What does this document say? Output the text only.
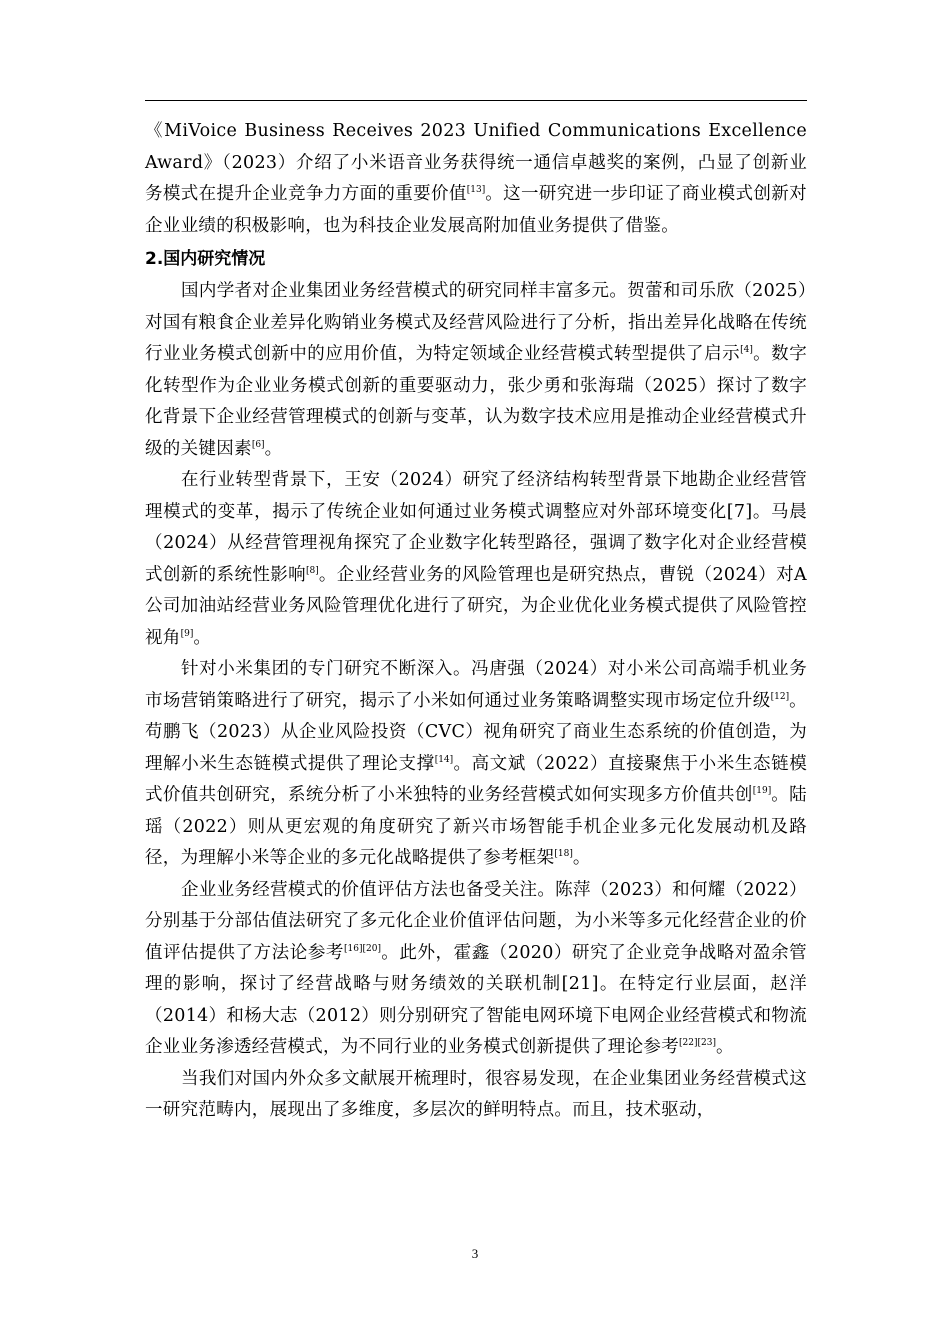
《MiVoice Business Receives 2023 Unified Communications Excellence Award》（2023）介绍了小米语音业务获得统一通信卓越奖的案例，凸显了创新业务模式在提升企业竞争力方面的重要价值[13]。这一研究进一步印证了商业模式创新对企业业绩的积极影响，也为科技企业发展高附加值业务提供了借鉴。

2.国内研究情况

国内学者对企业集团业务经营模式的研究同样丰富多元。贺蕾和司乐欣（2025）对国有粮食企业差异化购销业务模式及经营风险进行了分析，指出差异化战略在传统行业业务模式创新中的应用价值，为特定领域企业经营模式转型提供了启示[4]。数字化转型作为企业业务模式创新的重要驱动力，张少勇和张海瑞（2025）探讨了数字化背景下企业经营管理模式的创新与变革，认为数字技术应用是推动企业经营模式升级的关键因素[6]。

在行业转型背景下，王安（2024）研究了经济结构转型背景下地勘企业经营管理模式的变革，揭示了传统企业如何通过业务模式调整应对外部环境变化[7]。马晨（2024）从经营管理视角探究了企业数字化转型路径，强调了数字化对企业经营模式创新的系统性影响[8]。企业经营业务的风险管理也是研究热点，曹锐（2024）对A公司加油站经营业务风险管理优化进行了研究，为企业优化业务模式提供了风险管控视角[9]。

针对小米集团的专门研究不断深入。冯唐强（2024）对小米公司高端手机业务市场营销策略进行了研究，揭示了小米如何通过业务策略调整实现市场定位升级[12]。苟鹏飞（2023）从企业风险投资（CVC）视角研究了商业生态系统的价值创造，为理解小米生态链模式提供了理论支撑[14]。高文斌（2022）直接聚焦于小米生态链模式价值共创研究，系统分析了小米独特的业务经营模式如何实现多方价值共创[19]。陆瑶（2022）则从更宏观的角度研究了新兴市场智能手机企业多元化发展动机及路径，为理解小米等企业的多元化战略提供了参考框架[18]。

企业业务经营模式的价值评估方法也备受关注。陈萍（2023）和何耀（2022）分别基于分部估值法研究了多元化企业价值评估问题，为小米等多元化经营企业的价值评估提供了方法论参考[16][20]。此外，霍鑫（2020）研究了企业竞争战略对盈余管理的影响，探讨了经营战略与财务绩效的关联机制[21]。在特定行业层面，赵洋（2014）和杨大志（2012）则分别研究了智能电网环境下电网企业经营模式和物流企业业务渗透经营模式，为不同行业的业务模式创新提供了理论参考[22][23]。

当我们对国内外众多文献展开梳理时，很容易发现，在企业集团业务经营模式这一研究范畴内，展现出了多维度，多层次的鲜明特点。而且，技术驱动，

3
